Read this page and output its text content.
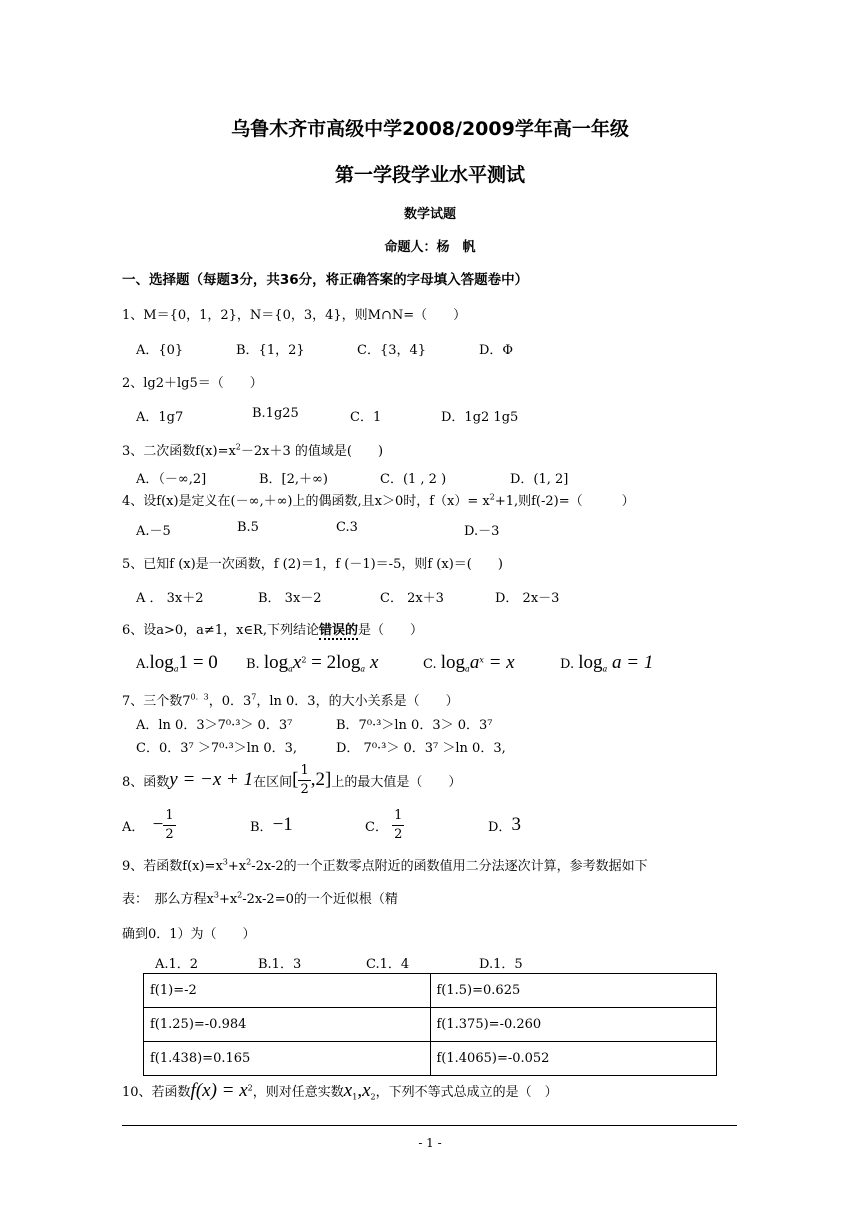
乌鲁木齐市高级中学2008/2009学年高一年级
第一学段学业水平测试
数学试题
命题人：杨　帆
一、选择题（每题3分，共36分，将正确答案的字母填入答题卷中）
1、M＝{0，1，2}，N＝{0，3，4}，则M∩N=（　　）
A．{0}	B．{1，2}	C．{3，4}	D．Φ
2、lg2＋lg5＝（　　）
A．1g7	B.1g25	C．1	D．1g2 1g5
3、二次函数$f(x)=x^2-2x+3$ 的值域是(　　)
A．（－∞,2]	B．[2,＋∞)	C．(1 , 2 )	D．(1, 2]
4、设f(x)是定义在(－∞,＋∞)上的偶函数,且x＞0时，$f(x)= x^2+1$,则f(-2)=（　　　）
A.－5	B.5	C.3	D.－3
5、已知f (x)是一次函数，f (2)＝1，f (－1)＝-5，则f (x)＝(　　)
A ． 3x＋2	B． 3x－2	C． 2x＋3	D． 2x－3
6、设a>0，a≠1，x∈R,下列结论错误的是（　　）
$A.\log_a1 = 0$ B. $\log_ax^2 = 2\log_a$ x	C. $\log_aa^x = x$	D. $\log_a a = 1$
7、三个数$7^{0.3}$，0．$3^7$，ln 0．3，的大小关系是（　　）
A．ln 0．3＞7⁰·³＞ 0．3⁷	B．7⁰·³＞ln 0．3＞ 0．3⁷
C．0．3⁷ ＞7⁰·³＞ln 0．3,	D． 7⁰·³＞ 0．3⁷ ＞ln 0．3,
8、函数 y = −x + 1 在区间 [ $\frac{1}{2} ,2$] 上的最大值是（　　）
A．
− $\frac{1}{2}$	B． −1	C．
$\frac{1}{2}$	D． 3
9、若函数$f(x)=x^3+x^2-2x-2$的一个正数零点附近的函数值用二分法逐次计算，参考数据如下
表：　那么方程$x^3+x^2-2x-2=0$的一个近似根（精
确到0．1）为（　　）
A.1．2	B.1．3	C.1．4	D.1．5
f(1)=-2	f(1.5)=0.625
f(1.25)=-0.984	f(1.375)=-0.260
f(1.438)=0.165	f(1.4065)=-0.052
10、若函数$f(x) = x^2$，则对任意实数$x_1,x_2$，下列不等式总成立的是（　）
- 1 -
